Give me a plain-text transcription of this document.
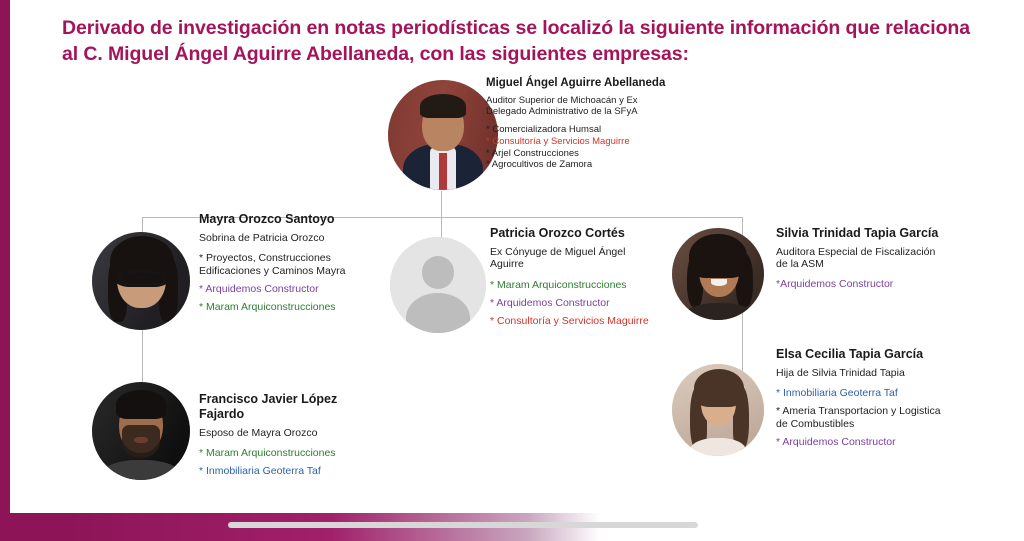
Derivado de investigación en notas periodísticas se localizó la siguiente información que relaciona al C. Miguel Ángel Aguirre Abellaneda, con las siguientes empresas:
Miguel Ángel Aguirre Abellaneda
Auditor Superior de Michoacán y Ex Delegado Administrativo de la SFyA
* Comercializadora Humsal
* Consultoría y Servicios Maguirre
* Arjel Construcciones
* Agrocultivos de Zamora
Mayra Orozco Santoyo
Sobrina de Patricia Orozco
* Proyectos, Construcciones Edificaciones y Caminos Mayra
* Arquidemos Constructor
* Maram Arquiconstrucciones
Francisco Javier López Fajardo
Esposo de Mayra Orozco
* Maram Arquiconstrucciones
* Inmobiliaria Geoterra Taf
Patricia Orozco Cortés
Ex Cónyuge de Miguel Ángel Aguirre
* Maram Arquiconstrucciones
* Arquidemos Constructor
* Consultoría y Servicios Maguirre
Silvia Trinidad Tapia García
Auditora Especial de Fiscalización de la ASM
*Arquidemos Constructor
Elsa Cecilia Tapia García
Hija de Silvia Trinidad Tapia
* Inmobiliaria Geoterra Taf
* Ameria Transportacion y Logistica de Combustibles
* Arquidemos Constructor
